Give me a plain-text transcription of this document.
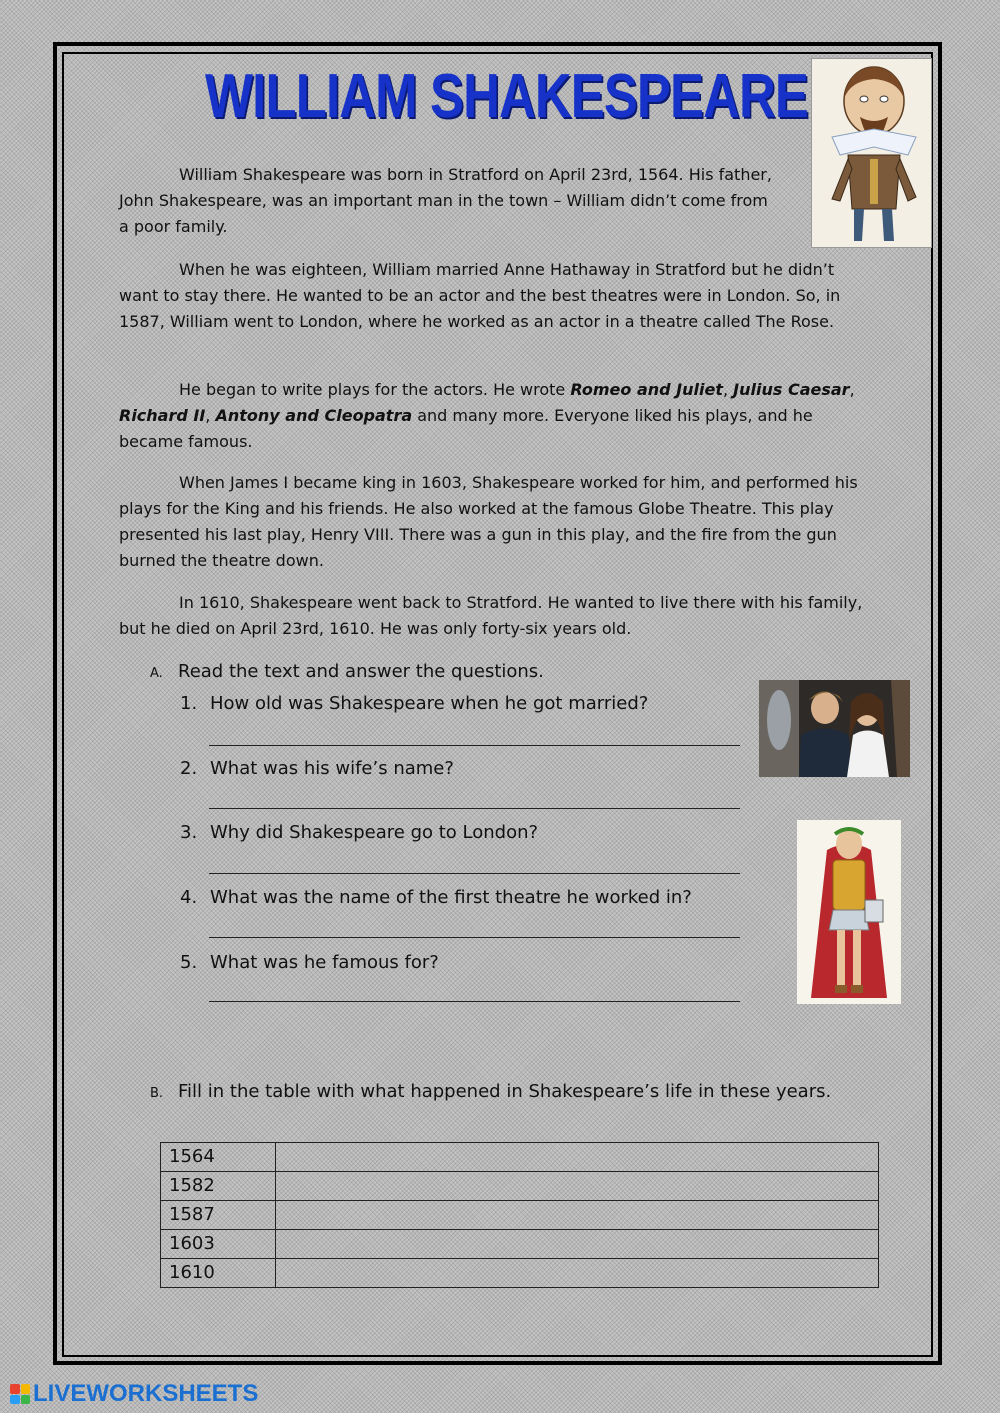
WILLIAM SHAKESPEARE

William Shakespeare was born in Stratford on April 23rd, 1564. His father, John Shakespeare, was an important man in the town – William didn’t come from a poor family.

When he was eighteen, William married Anne Hathaway in Stratford but he didn’t want to stay there. He wanted to be an actor and the best theatres were in London. So, in 1587, William went to London, where he worked as an actor in a theatre called The Rose.

He began to write plays for the actors. He wrote Romeo and Juliet, Julius Caesar, Richard II, Antony and Cleopatra and many more. Everyone liked his plays, and he became famous.

When James I became king in 1603, Shakespeare worked for him, and performed his plays for the King and his friends. He also worked at the famous Globe Theatre. This play presented his last play, Henry VIII. There was a gun in this play, and the fire from the gun burned the theatre down.

In 1610, Shakespeare went back to Stratford. He wanted to live there with his family, but he died on April 23rd, 1610. He was only forty-six years old.

A. Read the text and answer the questions.
1. How old was Shakespeare when he got married?
2. What was his wife’s name?
3. Why did Shakespeare go to London?
4. What was the name of the first theatre he worked in?
5. What was he famous for?
B. Fill in the table with what happened in Shakespeare’s life in these years.
1564	
1582	
1587	
1603	
1610	
LIVEWORKSHEETS
